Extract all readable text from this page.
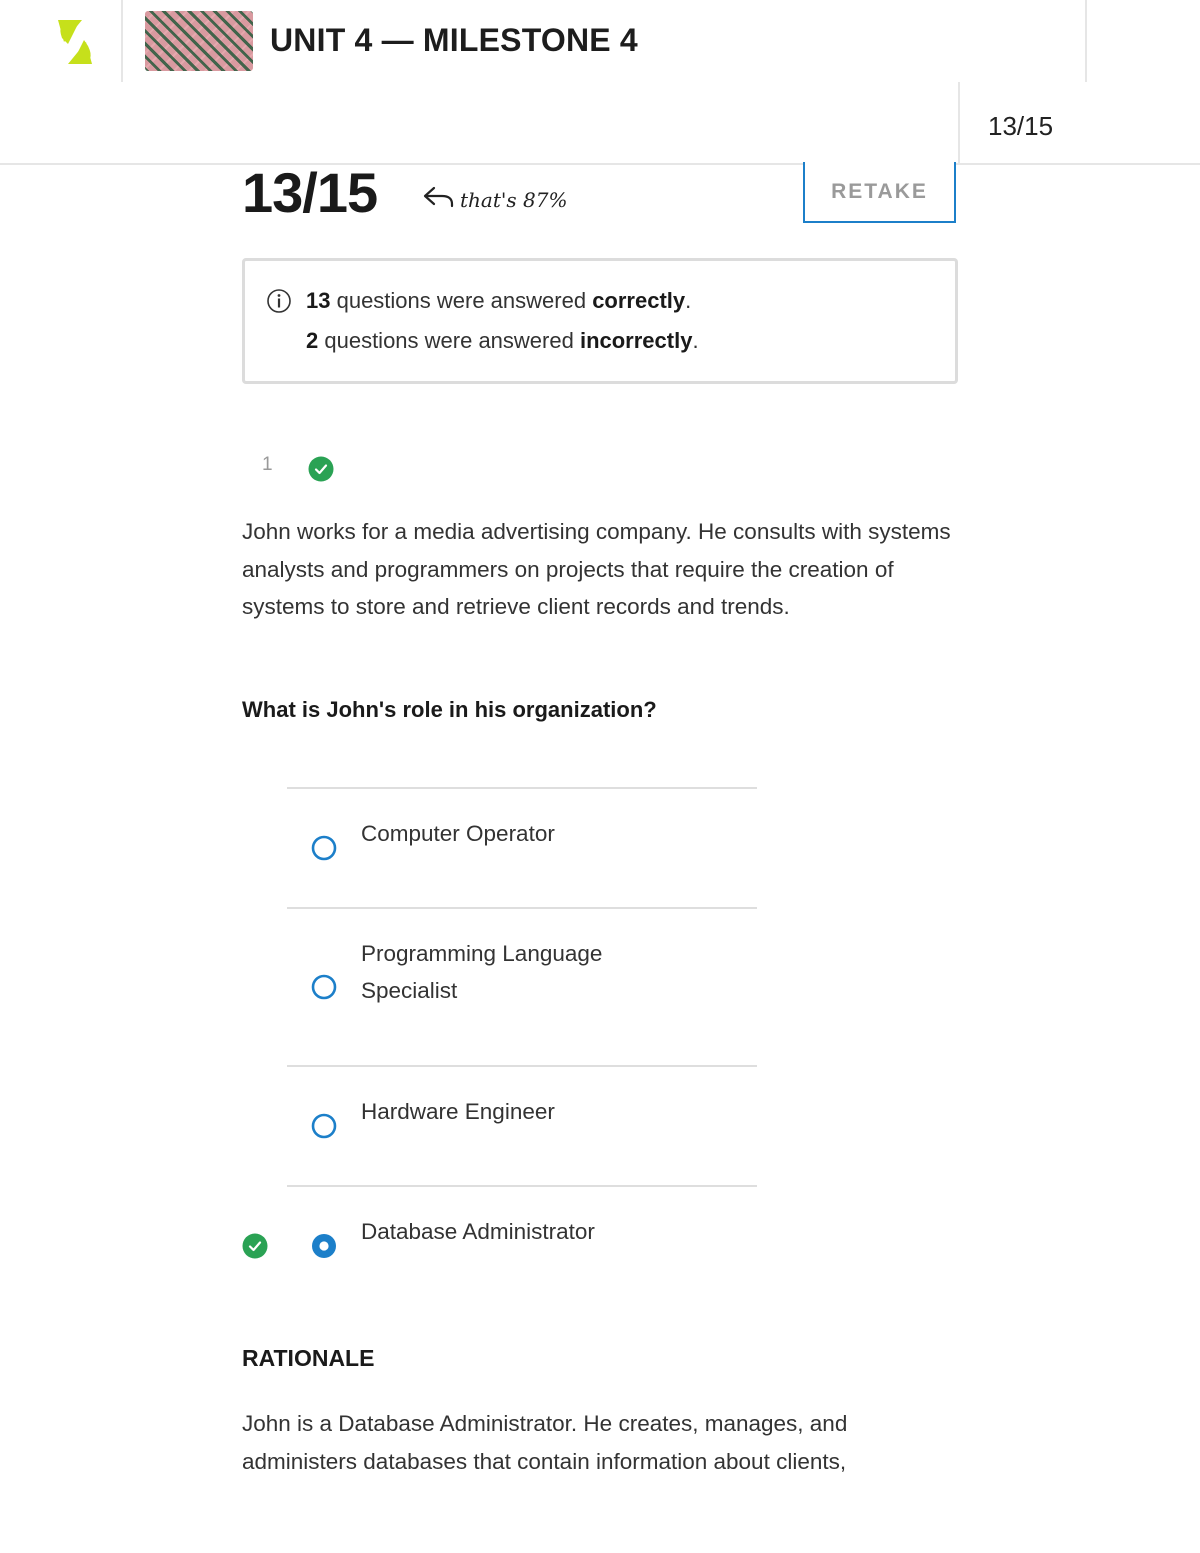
UNIT 4 — MILESTONE 4
13/15
13/15	that's 87%	RETAKE
13 questions were answered correctly.
2 questions were answered incorrectly.
1
John works for a media advertising company. He consults with systems analysts and programmers on projects that require the creation of systems to store and retrieve client records and trends.
What is John's role in his organization?
Computer Operator
Programming Language Specialist
Hardware Engineer
Database Administrator
RATIONALE
John is a Database Administrator. He creates, manages, and administers databases that contain information about clients,
